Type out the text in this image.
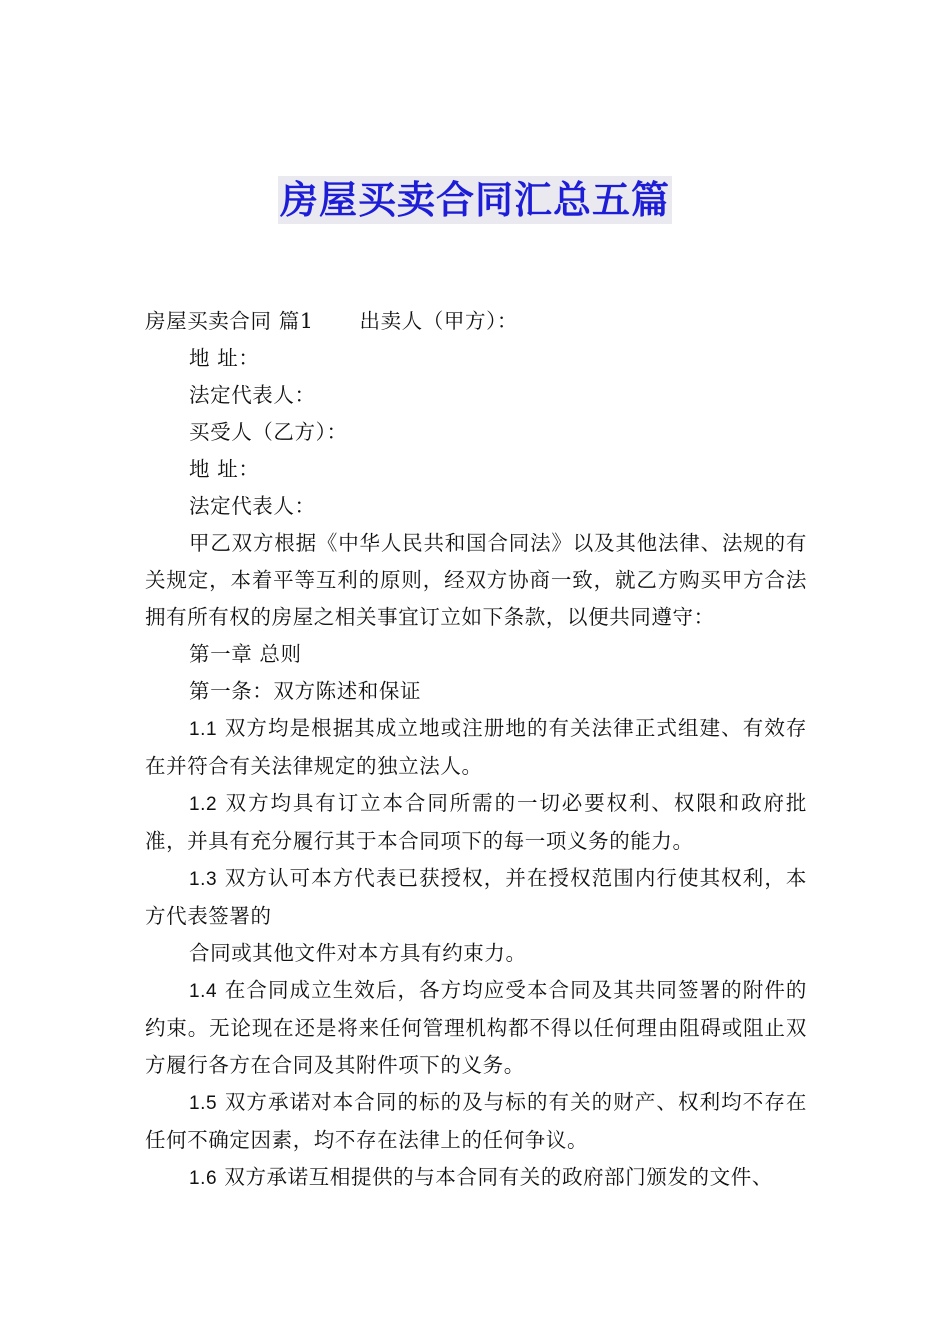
房屋买卖合同汇总五篇

房屋买卖合同 篇1 出卖人（甲方）：

地 址：

法定代表人：

买受人（乙方）：

地 址：

法定代表人：

甲乙双方根据《中华人民共和国合同法》以及其他法律、法规的有关规定，本着平等互利的原则，经双方协商一致，就乙方购买甲方合法拥有所有权的房屋之相关事宜订立如下条款，以便共同遵守：

第一章 总则

第一条：双方陈述和保证

1.1 双方均是根据其成立地或注册地的有关法律正式组建、有效存在并符合有关法律规定的独立法人。

1.2 双方均具有订立本合同所需的一切必要权利、权限和政府批准，并具有充分履行其于本合同项下的每一项义务的能力。

1.3 双方认可本方代表已获授权，并在授权范围内行使其权利，本方代表签署的

合同或其他文件对本方具有约束力。

1.4 在合同成立生效后，各方均应受本合同及其共同签署的附件的约束。无论现在还是将来任何管理机构都不得以任何理由阻碍或阻止双方履行各方在合同及其附件项下的义务。

1.5 双方承诺对本合同的标的及与标的有关的财产、权利均不存在任何不确定因素，均不存在法律上的任何争议。

1.6 双方承诺互相提供的与本合同有关的政府部门颁发的文件、
